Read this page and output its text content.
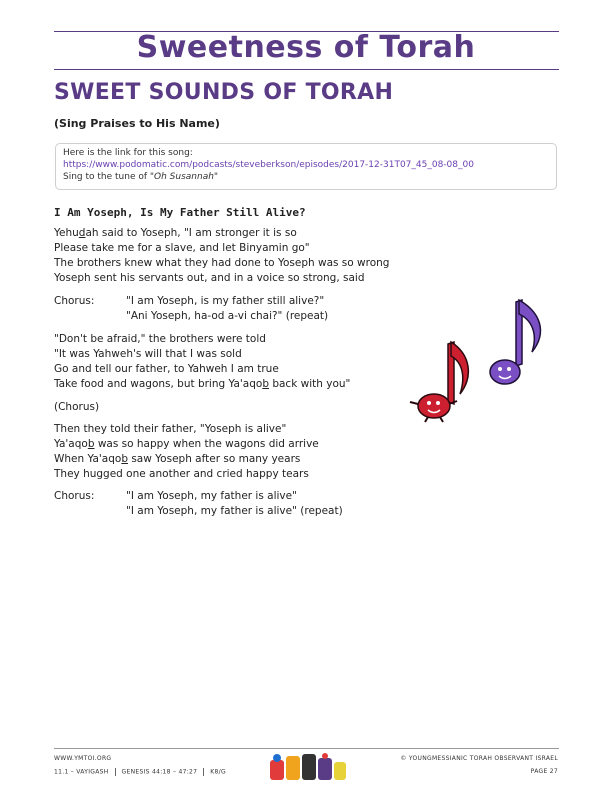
Sweetness of Torah
SWEET SOUNDS OF TORAH
(Sing Praises to His Name)
Here is the link for this song:
https://www.podomatic.com/podcasts/steveberkson/episodes/2017-12-31T07_45_08-08_00
Sing to the tune of "Oh Susannah"
I Am Yoseph, Is My Father Still Alive?
Yehudah said to Yoseph, "I am stronger it is so
Please take me for a slave, and let Binyamin go"
The brothers knew what they had done to Yoseph was so wrong
Yoseph sent his servants out, and in a voice so strong, said
Chorus:	"I am Yoseph, is my father still alive?"
"Ani Yoseph, ha-od a-vi chai?" (repeat)
"Don't be afraid," the brothers were told
"It was Yahweh's will that I was sold
Go and tell our father, to Yahweh I am true
Take food and wagons, but bring Ya'aqob back with you"
(Chorus)
Then they told their father, "Yoseph is alive"
Ya'aqob was so happy when the wagons did arrive
When Ya'aqob saw Yoseph after so many years
They hugged one another and cried happy tears
Chorus:	"I am Yoseph, my father is alive"
"I am Yoseph, my father is alive" (repeat)
WWW.YMTOI.ORG
11.1 – VAYIGASH GENESIS 44:18 – 47:27 K8/G
© YOUNGMESSIANIC TORAH OBSERVANT ISRAEL
PAGE 27
